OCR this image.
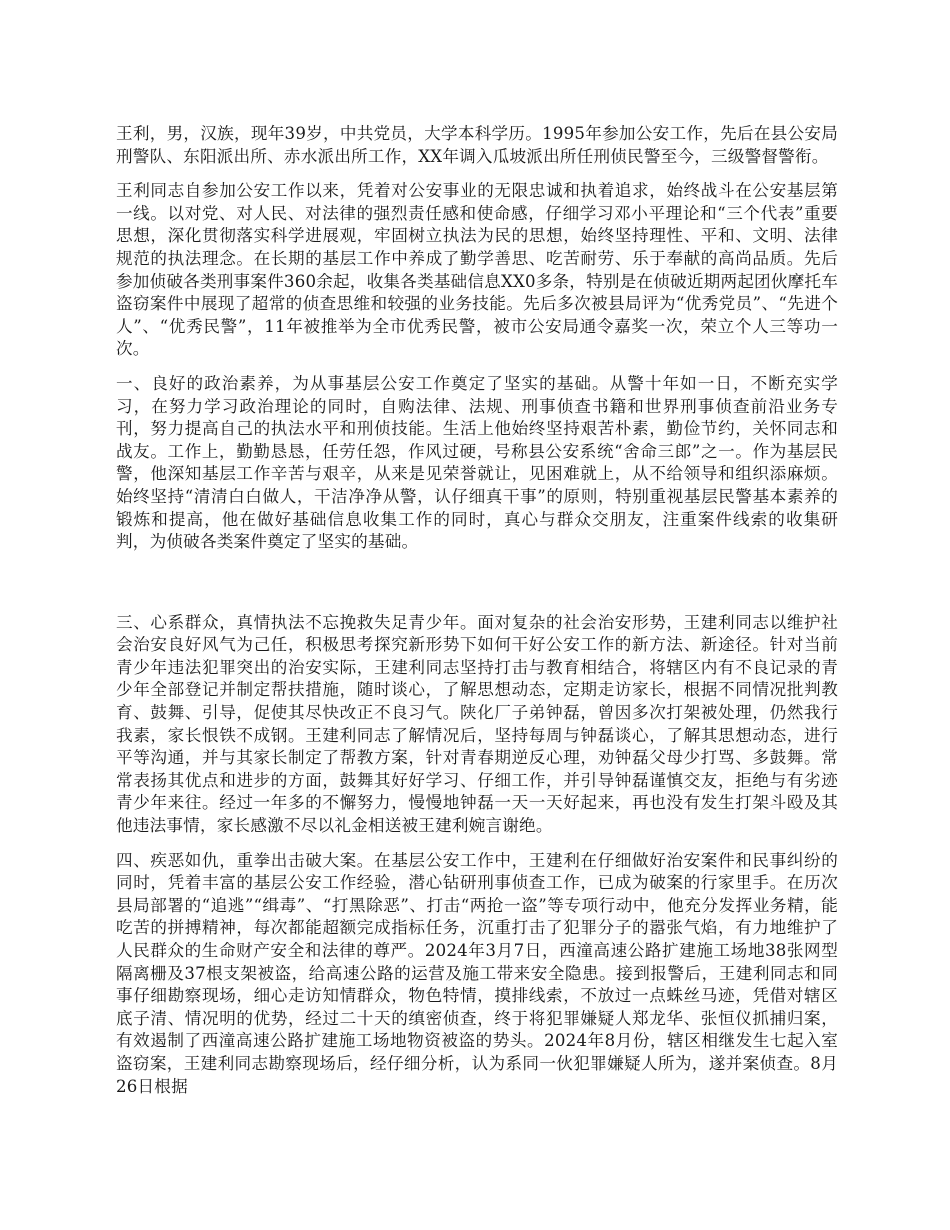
王利，男，汉族，现年39岁，中共党员，大学本科学历。1995年参加公安工作，先后在县公安局刑警队、东阳派出所、赤水派出所工作，XX年调入瓜坡派出所任刑侦民警至今，三级警督警衔。

王利同志自参加公安工作以来，凭着对公安事业的无限忠诚和执着追求，始终战斗在公安基层第一线。以对党、对人民、对法律的强烈责任感和使命感，仔细学习邓小平理论和“三个代表”重要思想，深化贯彻落实科学进展观，牢固树立执法为民的思想，始终坚持理性、平和、文明、法律规范的执法理念。在长期的基层工作中养成了勤学善思、吃苦耐劳、乐于奉献的高尚品质。先后参加侦破各类刑事案件360余起，收集各类基础信息XX0多条，特别是在侦破近期两起团伙摩托车盗窃案件中展现了超常的侦查思维和较强的业务技能。先后多次被县局评为“优秀党员”、“先进个人”、“优秀民警”，11年被推举为全市优秀民警，被市公安局通令嘉奖一次，荣立个人三等功一次。

一、良好的政治素养，为从事基层公安工作奠定了坚实的基础。从警十年如一日，不断充实学习，在努力学习政治理论的同时，自购法律、法规、刑事侦查书籍和世界刑事侦查前沿业务专刊，努力提高自己的执法水平和刑侦技能。生活上他始终坚持艰苦朴素，勤俭节约，关怀同志和战友。工作上，勤勤恳恳，任劳任怨，作风过硬，号称县公安系统“舍命三郎”之一。作为基层民警，他深知基层工作辛苦与艰辛，从来是见荣誉就让，见困难就上，从不给领导和组织添麻烦。始终坚持“清清白白做人，干洁净净从警，认仔细真干事”的原则，特别重视基层民警基本素养的锻炼和提高，他在做好基础信息收集工作的同时，真心与群众交朋友，注重案件线索的收集研判，为侦破各类案件奠定了坚实的基础。

三、心系群众，真情执法不忘挽救失足青少年。面对复杂的社会治安形势，王建利同志以维护社会治安良好风气为己任，积极思考探究新形势下如何干好公安工作的新方法、新途径。针对当前青少年违法犯罪突出的治安实际，王建利同志坚持打击与教育相结合，将辖区内有不良记录的青少年全部登记并制定帮扶措施，随时谈心，了解思想动态，定期走访家长，根据不同情况批判教育、鼓舞、引导，促使其尽快改正不良习气。陕化厂子弟钟磊，曾因多次打架被处理，仍然我行我素，家长恨铁不成钢。王建利同志了解情况后，坚持每周与钟磊谈心，了解其思想动态，进行平等沟通，并与其家长制定了帮教方案，针对青春期逆反心理，劝钟磊父母少打骂、多鼓舞。常常表扬其优点和进步的方面，鼓舞其好好学习、仔细工作，并引导钟磊谨慎交友，拒绝与有劣迹青少年来往。经过一年多的不懈努力，慢慢地钟磊一天一天好起来，再也没有发生打架斗殴及其他违法事情，家长感激不尽以礼金相送被王建利婉言谢绝。

四、疾恶如仇，重拳出击破大案。在基层公安工作中，王建利在仔细做好治安案件和民事纠纷的同时，凭着丰富的基层公安工作经验，潜心钻研刑事侦查工作，已成为破案的行家里手。在历次县局部署的“追逃”“缉毒”、“打黑除恶”、打击“两抢一盗”等专项行动中，他充分发挥业务精，能吃苦的拼搏精神，每次都能超额完成指标任务，沉重打击了犯罪分子的嚣张气焰，有力地维护了人民群众的生命财产安全和法律的尊严。2024年3月7日，西潼高速公路扩建施工场地38张网型隔离栅及37根支架被盗，给高速公路的运营及施工带来安全隐患。接到报警后，王建利同志和同事仔细勘察现场，细心走访知情群众，物色特情，摸排线索，不放过一点蛛丝马迹，凭借对辖区底子清、情况明的优势，经过二十天的缜密侦查，终于将犯罪嫌疑人郑龙华、张恒仪抓捕归案，有效遏制了西潼高速公路扩建施工场地物资被盗的势头。2024年8月份，辖区相继发生七起入室盗窃案，王建利同志勘察现场后，经仔细分析，认为系同一伙犯罪嫌疑人所为，遂并案侦查。8月26日根据
